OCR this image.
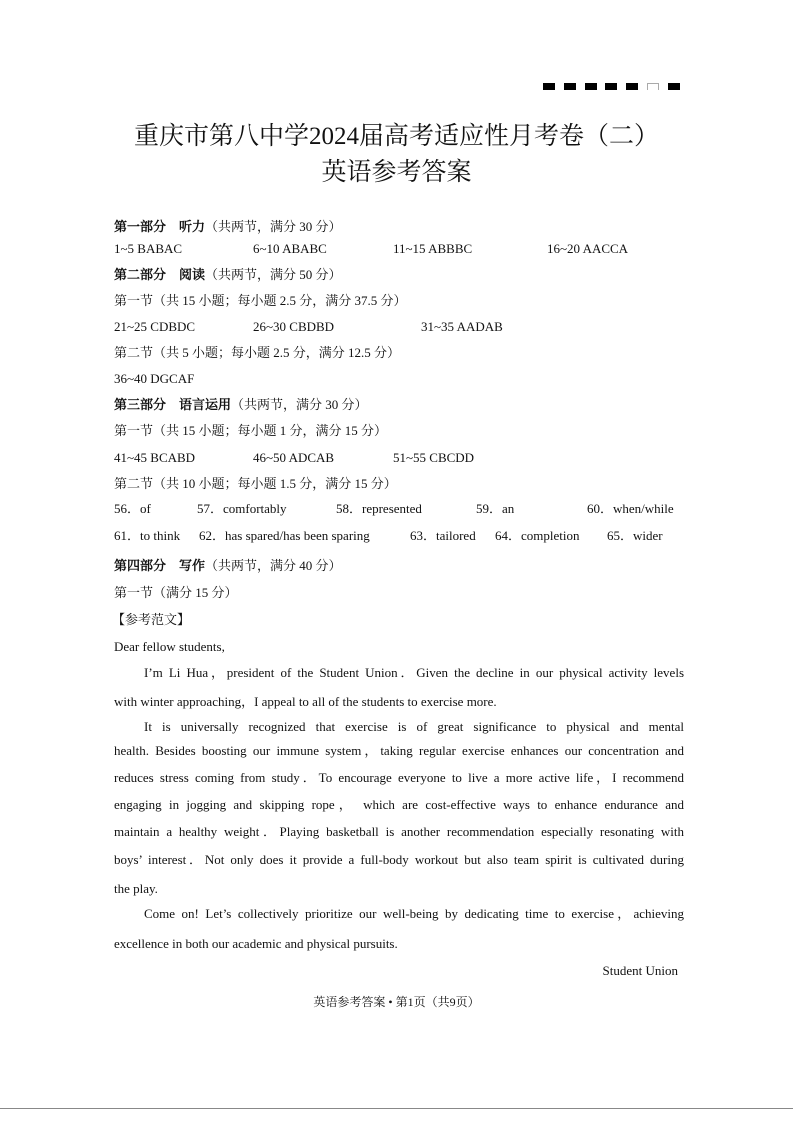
重庆市第八中学2024届高考适应性月考卷（二）
英语参考答案
第一部分　听力（共两节，满分 30 分）
1~5 BABAC	6~10 ABABC	11~15 ABBBC	16~20 AACCA
第二部分　阅读（共两节，满分 50 分）
第一节（共 15 小题；每小题 2.5 分，满分 37.5 分）
21~25 CDBDC	26~30 CBDBD	31~35 AADAB
第二节（共 5 小题；每小题 2.5 分，满分 12.5 分）
36~40 DGCAF
第三部分　语言运用（共两节，满分 30 分）
第一节（共 15 小题；每小题 1 分，满分 15 分）
41~45 BCABD	46~50 ADCAB	51~55 CBCDD
第二节（共 10 小题；每小题 1.5 分，满分 15 分）
56．of	57．comfortably	58．represented	59．an	60．when/while
61．to think 62．has spared/has been sparing	63．tailored 64．completion 65．wider
第四部分　写作（共两节，满分 40 分）
第一节（满分 15 分）
【参考范文】
Dear fellow students,
I’m Li Hua，president of the Student Union．Given the decline in our physical activity levels
with winter approaching，I appeal to all of the students to exercise more.
It is universally recognized that exercise is of great significance to physical and mental
health. Besides boosting our immune system，taking regular exercise enhances our concentration and
reduces stress coming from study．To encourage everyone to live a more active life，I recommend
engaging in jogging and skipping rope， which are cost-effective ways to enhance endurance and
maintain a healthy weight．Playing basketball is another recommendation especially resonating with
boys’ interest．Not only does it provide a full-body workout but also team spirit is cultivated during
the play.
Come on! Let’s collectively prioritize our well-being by dedicating time to exercise，achieving
excellence in both our academic and physical pursuits.
Student Union
英语参考答案 • 第1页（共9页）
